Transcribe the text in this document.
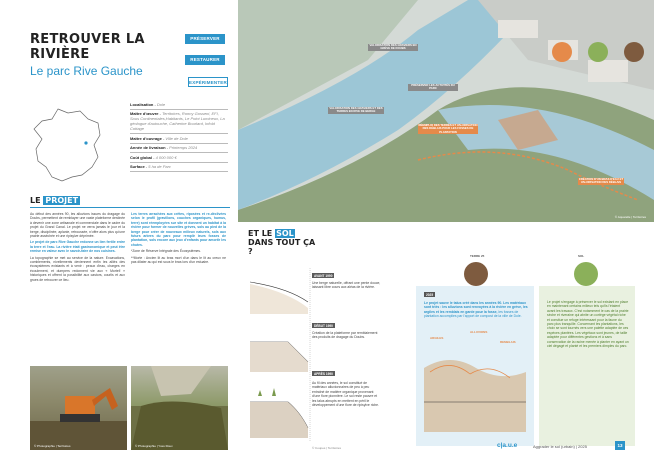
RETROUVER LA RIVIÈRE
Le parc Rive Gauche
PRÉSERVER
RESTAURER
EXPÉRIMENTER
Localisation - Dole
Maître d'œuvre - Territoires, Ronny Gosseni, EFI, Sous Continentales,Habitants, Le Point Lumineux, La géologue d'autouche, Catherine Bourlard, Infold Cottage
Maître d'ouvrage - Ville de Dole
Année de livraison - Printemps 2024
Coût global - 4 000 000 €
Surface - 5 ha de Parc
LE PROJET

Au début des années 90, les alluvions issues du dragage du Doubs, permettent de remblayer une vaste plateforme destinée à devenir une zone artisanale et commerciale dans le cadre du projet du Grand Canal. Le projet ne verra jamais le jour et la berge, disciplinée, aplanie, retroussée, n'offre alors plus qu'une prairie asséchée et une ripisylve déprimée.

Le projet de parc Rive Gauche redonne un lien fertile entre la terre et l'eau. La rivière était gastronomique et peut être remise en valeur avec le savoir-faire de nos cuisines.

La topographie se met au service de la nature. Excavations, comblements, nivellements deviennent enfin les alliés des écosystèmes existants et à venir : peaux d'eau, charges en écoulement, et dumpers redonnent vie aux « Mortel! » historiques et offrent la possibilité aux castors, courlis et aux grues de retrouver ce lieu.

Les terres arrachées aux crêtes, riposées et re-déclivées selon le profil (gravillons, couches organiques, humus, terre) sont réemployées sur site et donnent un habitat à la rivière pour former de nouvelles grèves, sols au pied de la berge pour créer de nouveaux milieux naturels, sols aux futurs arbres du parc pour remplir leurs fosses de plantation, sols encore aux jeux d'enfants pour amortir les chutes.

*Zone de Réserve Intégrale des Écosystèmes.

**Morte : Ancien lit au bras mort d'un dans le lit au creux ne pas dilater au qui est sous le bras lors d'un estuaire.

© Photographie | Territoires	© Photographie | Yves Roux
VALORISATION DES GRAVIERS EN GRÈVE DE DOUBS
PRÉSERVER LES ACTIVITÉS DU PARC
VALORISATION DES GRAVIERS ET DES TERRES EN RIVE DE BERGE
RÉEMPLOI DES TERRES ET VALORISATION DES DÉBLAIS POUR LES FOSSES DE PLANTATION
CRÉATION D'UN BRAS D'EAU ET VALORISATION DES DÉBLAIS
© Aquarelle | Territoires
ET LE SOL DANS TOUT ÇA ?
AVANT 1990
Une berge naturelle, offrant une pente douce, laissant libre cours aux aléas de la rivière.
DÉBUT 1990
Création de la plateforme par remblaiement des produits de dragage du Doubs.
APRÈS 1990
Au fil des années, le sol constitué de matériaux alluvionnaires de peu à peu entraîné de matière organique provenant d'une flore pionnière. Le sol reste pauvre et les talus abrupts en mettent en péril le développement d'une flore de ripisylve riche.
© Coupes | Territoires
2025
Le projet sauve le talus créé dans les années 90. Les matériaux sont triés : les alluvions sont renvoyées à la rivière en grève, les argiles et les remblais en garde pour la fosse, les fosses de plantation accomplies par l'apport de compost de la ville de Dole.
ARGILES
ALLUVIONS
REMBLAIS
TERRE 25	SOL
Le projet s'engage à préserver le sol existant en place en maintenant certains milieux tels qu'ils l'étaient avant les travaux. C'est notamment le cas de la prairie sèche et riveraine qui abrite un cortège végétal riche et consitue un refuge intéressant pour la faune du parc plus tranquille. Concernant les plantations, les choix se sont tournés vers une palette adaptée de ces espèces plantées. Les végétaux sont jeunes, de taille adaptée pour différentes gestions et à sans conservation de la racine menée à planter en ayant un ciel dégagé et planté et les premiers dimples du parc.
c|a.u.e	Aggrader le sol (urbain) | 2025	13
